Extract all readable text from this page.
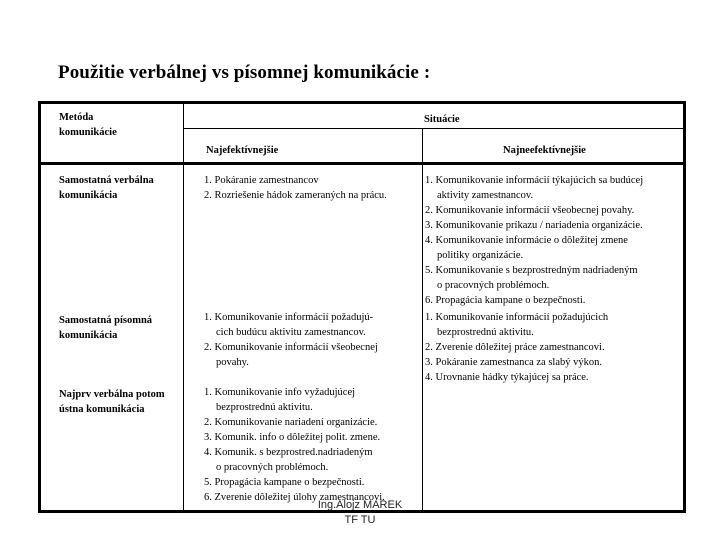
Použitie verbálnej vs písomnej komunikácie :
Metóda
komunikácie
Situácie
Najefektívnejšie	Najneefektívnejšie
Samostatná verbálna
komunikácia
1. Pokáranie zamestnancov
2. Rozriešenie hádok zameraných na prácu.
1. Komunikovanie informácií týkajúcich sa budúcej
aktivity zamestnancov.
2. Komunikovanie informácií všeobecnej povahy.
3. Komunikovanie príkazu / nariadenia organizácie.
4. Komunikovanie informácie o dôležitej zmene
politiky organizácie.
5. Komunikovanie s bezprostredným nadriadeným
o pracovných problémoch.
6. Propagácia kampane o bezpečnosti.
Samostatná písomná
komunikácia
1. Komunikovanie informácií požadujú-
cich budúcu aktivitu zamestnancov.
2. Komunikovanie informácií všeobecnej
povahy.
1. Komunikovanie informácií požadujúcich
bezprostrednú aktivitu.
2. Zverenie dôležitej práce zamestnancovi.
3. Pokáranie zamestnanca za slabý výkon.
4. Urovnanie hádky týkajúcej sa práce.
Najprv verbálna potom
ústna komunikácia
1. Komunikovanie info vyžadujúcej
bezprostrednú aktivitu.
2. Komunikovanie nariadení organizácie.
3. Komunik. info o dôležitej polit. zmene.
4. Komunik. s bezprostred.nadriadeným
o pracovných problémoch.
5. Propagácia kampane o bezpečnosti.
6. Zverenie dôležitej úlohy zamestnancovi.
Ing.Alojz MAREK
TF TU
